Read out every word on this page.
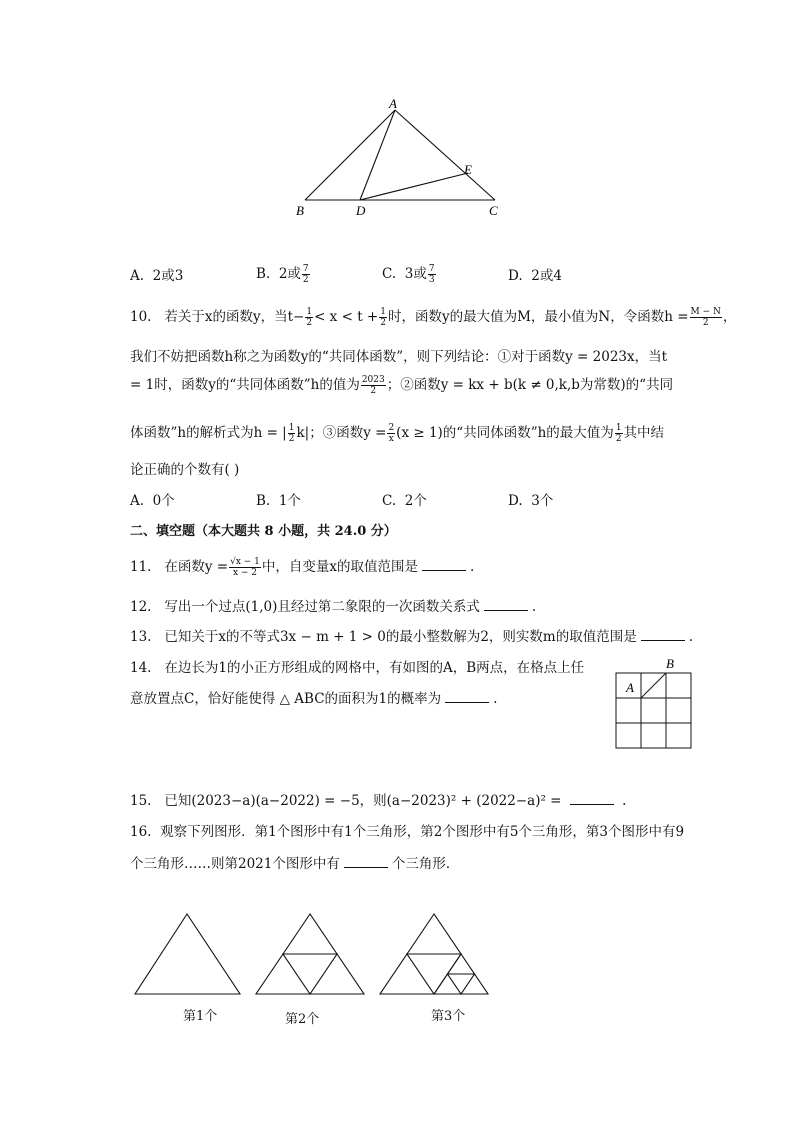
A
B	D	C
E
A. 2或3	B. 2或 $\frac{7}{2}$	C. 3或 $\frac{7}{3}$	D. 2或4
10. 若关于x的函数y，当$t- \frac{1}{2} < x < t + \frac{1}{2}$ 时，函数y的最大值为M，最小值为N，令函数$h = \frac{M - N}{2}$ ，
我们不妨把函数h称之为函数y的“共同体函数”，则下列结论：①对于函数y = 2023x，当t
= 1时，函数y的“共同体函数”h的值为 $\frac{2023}{2}$ ；②函数y = kx + b(k ≠ 0,k,b为常数)的“共同
体函数”h的解析式为h = | $\frac{1}{2} k|$；③函数$y = \frac{2}{x} (x \ge 1)$的“共同体函数”h的最大值为 $\frac{1}{2}$ 其中结
论正确的个数有( )
A. 0个	B. 1个	C. 2个	D. 3个
二、填空题（本大题共 8 小题，共 24.0 分）
11. 在函数$y = \frac{√x - 1}{x - 2}$ 中，自变量x的取值范围是	.
12. 写出一个过点(1,0)且经过第二象限的一次函数关系式	.
13. 已知关于x的不等式3x − m + 1 > 0的最小整数解为2，则实数m的取值范围是	.
14. 在边长为1的小正方形组成的网格中，有如图的A，B两点，在格点上任
意放置点C，恰好能使得 △ ABC的面积为1的概率为	.
A
B
15. 已知(2023−a)(a−2022) = −5，则(a−2023)² + (2022−a)² =	.
16. 观察下列图形．第1个图形中有1个三角形，第2个图形中有5个三角形，第3个图形中有9
个三角形……则第2021个图形中有	个三角形．
第1个	第2个	第3个
